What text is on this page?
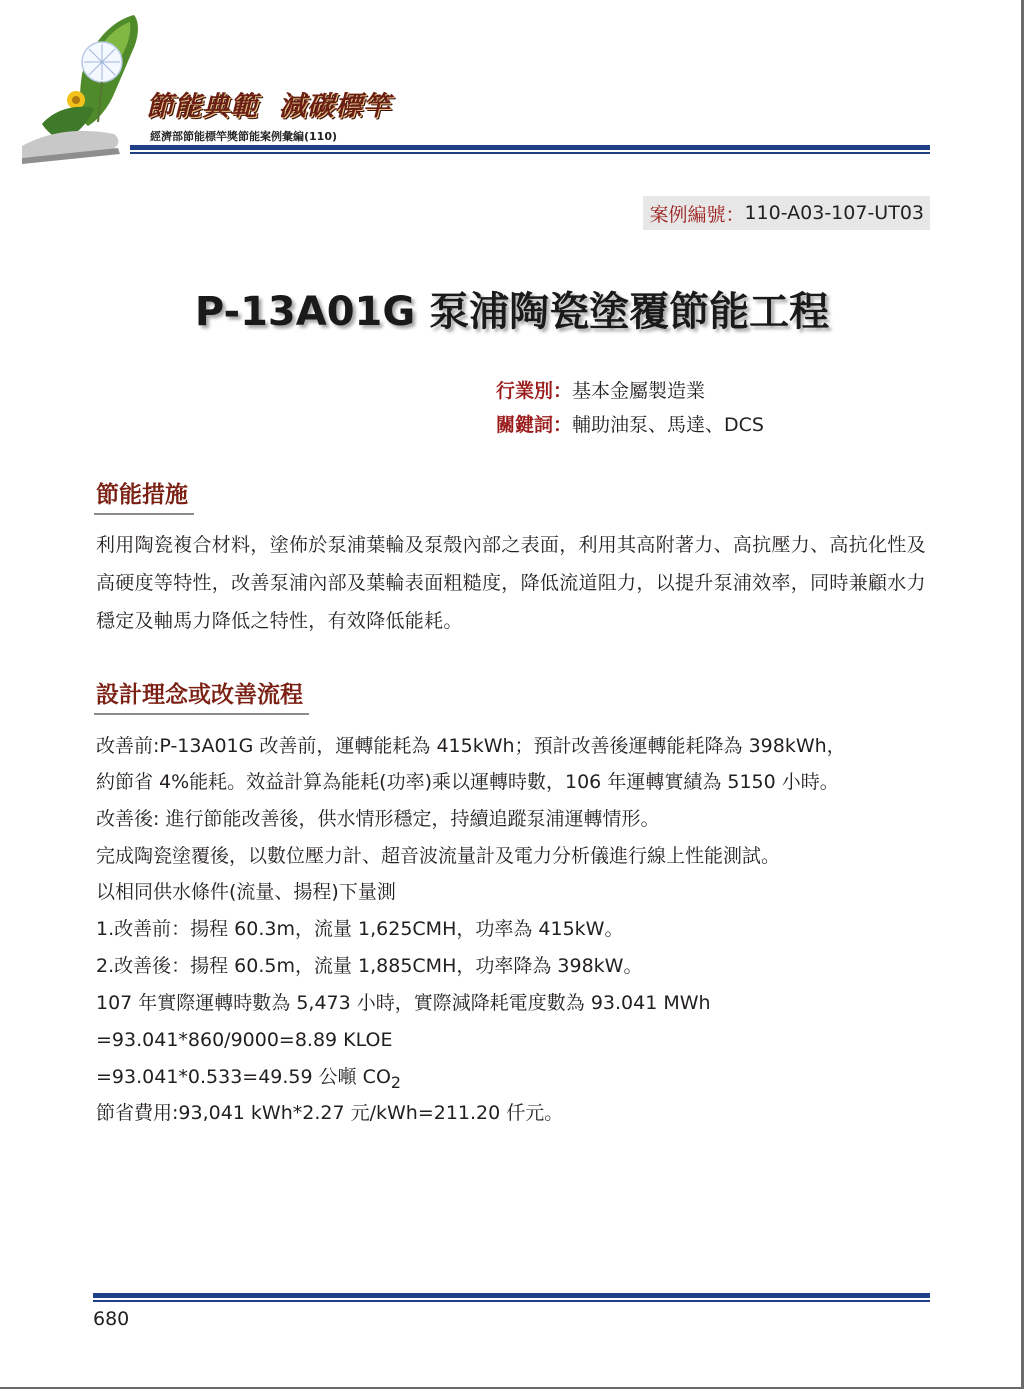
節能典範  減碳標竿
經濟部節能標竿獎節能案例彙編(110)
案例編號： 110-A03-107-UT03
P-13A01G 泵浦陶瓷塗覆節能工程
行業別：基本金屬製造業
關鍵詞：輔助油泵、馬達、DCS
節能措施

利用陶瓷複合材料，塗佈於泵浦葉輪及泵殼內部之表面，利用其高附著力、高抗壓力、高抗化性及高硬度等特性，改善泵浦內部及葉輪表面粗糙度，降低流道阻力，以提升泵浦效率，同時兼顧水力穩定及軸馬力降低之特性，有效降低能耗。

設計理念或改善流程
改善前:P-13A01G 改善前，運轉能耗為 415kWh；預計改善後運轉能耗降為 398kWh，
約節省 4%能耗。效益計算為能耗(功率)乘以運轉時數，106 年運轉實績為 5150 小時。
改善後: 進行節能改善後，供水情形穩定，持續追蹤泵浦運轉情形。
完成陶瓷塗覆後，以數位壓力計、超音波流量計及電力分析儀進行線上性能測試。
以相同供水條件(流量、揚程)下量測
1.改善前：揚程 60.3m，流量 1,625CMH，功率為 415kW。
2.改善後：揚程 60.5m，流量 1,885CMH，功率降為 398kW。
107 年實際運轉時數為 5,473 小時，實際減降耗電度數為 93.041 MWh
=93.041*860/9000=8.89 KLOE
=93.041*0.533=49.59 公噸 $CO_2$
節省費用:93,041 kWh*2.27 元/kWh=211.20 仟元。
680
